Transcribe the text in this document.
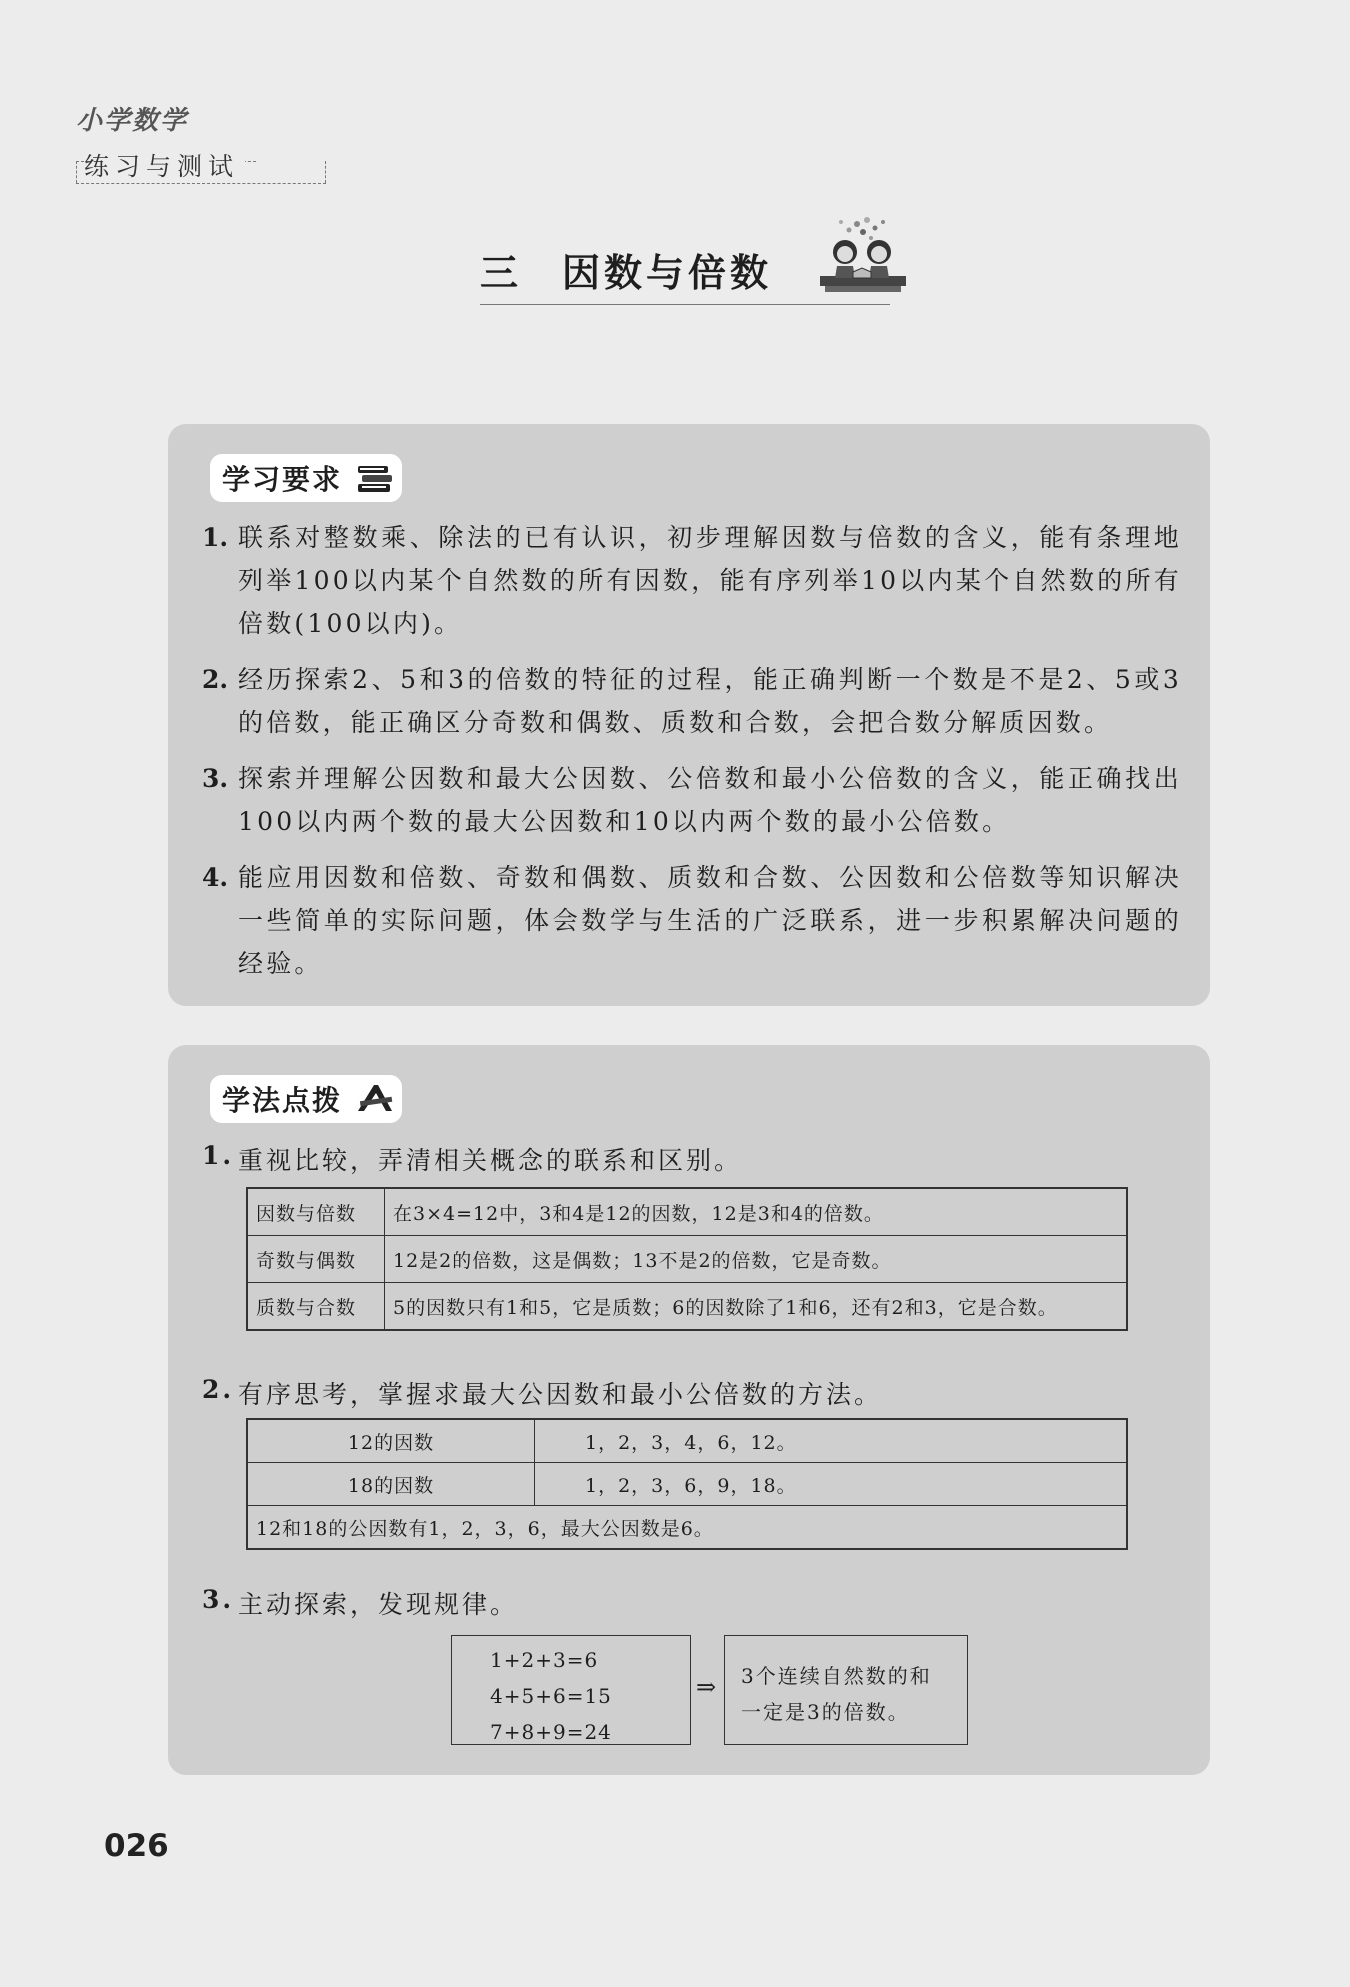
小学数学
练习与测试
三 因数与倍数
学习要求
1. 联系对整数乘、除法的已有认识，初步理解因数与倍数的含义，能有条理地列举100以内某个自然数的所有因数，能有序列举10以内某个自然数的所有倍数(100以内)。
2. 经历探索2、5和3的倍数的特征的过程，能正确判断一个数是不是2、5或3的倍数，能正确区分奇数和偶数、质数和合数，会把合数分解质因数。
3. 探索并理解公因数和最大公因数、公倍数和最小公倍数的含义，能正确找出100以内两个数的最大公因数和10以内两个数的最小公倍数。
4. 能应用因数和倍数、奇数和偶数、质数和合数、公因数和公倍数等知识解决一些简单的实际问题，体会数学与生活的广泛联系，进一步积累解决问题的经验。
学法点拨
1. 重视比较，弄清相关概念的联系和区别。
因数与倍数	在3×4=12中，3和4是12的因数，12是3和4的倍数。
奇数与偶数	12是2的倍数，这是偶数；13不是2的倍数，它是奇数。
质数与合数	5的因数只有1和5，它是质数；6的因数除了1和6，还有2和3，它是合数。
2. 有序思考，掌握求最大公因数和最小公倍数的方法。
12的因数	1，2，3，4，6，12。
18的因数	1，2，3，6，9，18。
12和18的公因数有1，2，3，6，最大公因数是6。	
3. 主动探索，发现规律。
1+2+3=6
4+5+6=15
7+8+9=24
⇒ 3个连续自然数的和
一定是3的倍数。
026
